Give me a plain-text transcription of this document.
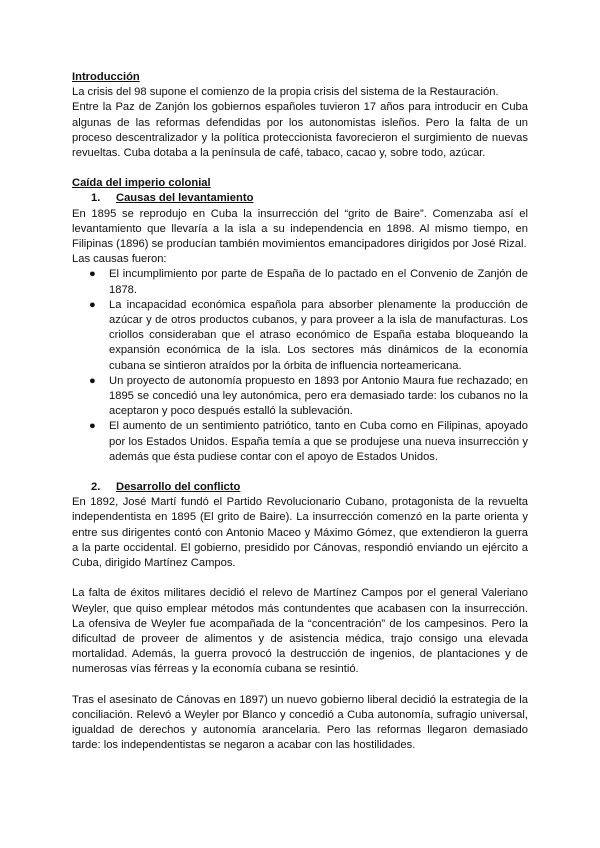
Introducción

La crisis del 98 supone el comienzo de la propia crisis del sistema de la Restauración.

Entre la Paz de Zanjón los gobiernos españoles tuvieron 17 años para introducir en Cuba algunas de las reformas defendidas por los autonomistas isleños. Pero la falta de un proceso descentralizador y la política proteccionista favorecieron el surgimiento de nuevas revueltas. Cuba dotaba a la península de café, tabaco, cacao y, sobre todo, azúcar.

Caída del imperio colonial

1.	Causas del levantamiento

En 1895 se reprodujo en Cuba la insurrección del “grito de Baire”. Comenzaba así el levantamiento que llevaría a la isla a su independencia en 1898. Al mismo tiempo, en Filipinas (1896) se producían también movimientos emancipadores dirigidos por José Rizal.

Las causas fueron:

● El incumplimiento por parte de España de lo pactado en el Convenio de Zanjón de 1878.
● La incapacidad económica española para absorber plenamente la producción de azúcar y de otros productos cubanos, y para proveer a la isla de manufacturas. Los criollos consideraban que el atraso económico de España estaba bloqueando la expansión económica de la isla. Los sectores más dinámicos de la economía cubana se sintieron atraídos por la órbita de influencia norteamericana.
● Un proyecto de autonomía propuesto en 1893 por Antonio Maura fue rechazado; en 1895 se concedió una ley autonómica, pero era demasiado tarde: los cubanos no la aceptaron y poco después estalló la sublevación.
● El aumento de un sentimiento patriótico, tanto en Cuba como en Filipinas, apoyado por los Estados Unidos. España temía a que se produjese una nueva insurrección y además que ésta pudiese contar con el apoyo de Estados Unidos.
2.	Desarrollo del conflicto

En 1892, José Martí fundó el Partido Revolucionario Cubano, protagonista de la revuelta independentista en 1895 (El grito de Baire). La insurrección comenzó en la parte orienta y entre sus dirigentes contó con Antonio Maceo y Máximo Gómez, que extendieron la guerra a la parte occidental. El gobierno, presidido por Cánovas, respondió enviando un ejército a Cuba, dirigido Martínez Campos.

La falta de éxitos militares decidió el relevo de Martínez Campos por el general Valeriano Weyler, que quiso emplear métodos más contundentes que acabasen con la insurrección. La ofensiva de Weyler fue acompañada de la “concentración” de los campesinos. Pero la dificultad de proveer de alimentos y de asistencia médica, trajo consigo una elevada mortalidad. Además, la guerra provocó la destrucción de ingenios, de plantaciones y de numerosas vías férreas y la economía cubana se resintió.

Tras el asesinato de Cánovas en 1897) un nuevo gobierno liberal decidió la estrategia de la conciliación. Relevó a Weyler por Blanco y concedió a Cuba autonomía, sufragio universal, igualdad de derechos y autonomía arancelaria. Pero las reformas llegaron demasiado tarde: los independentistas se negaron a acabar con las hostilidades.
